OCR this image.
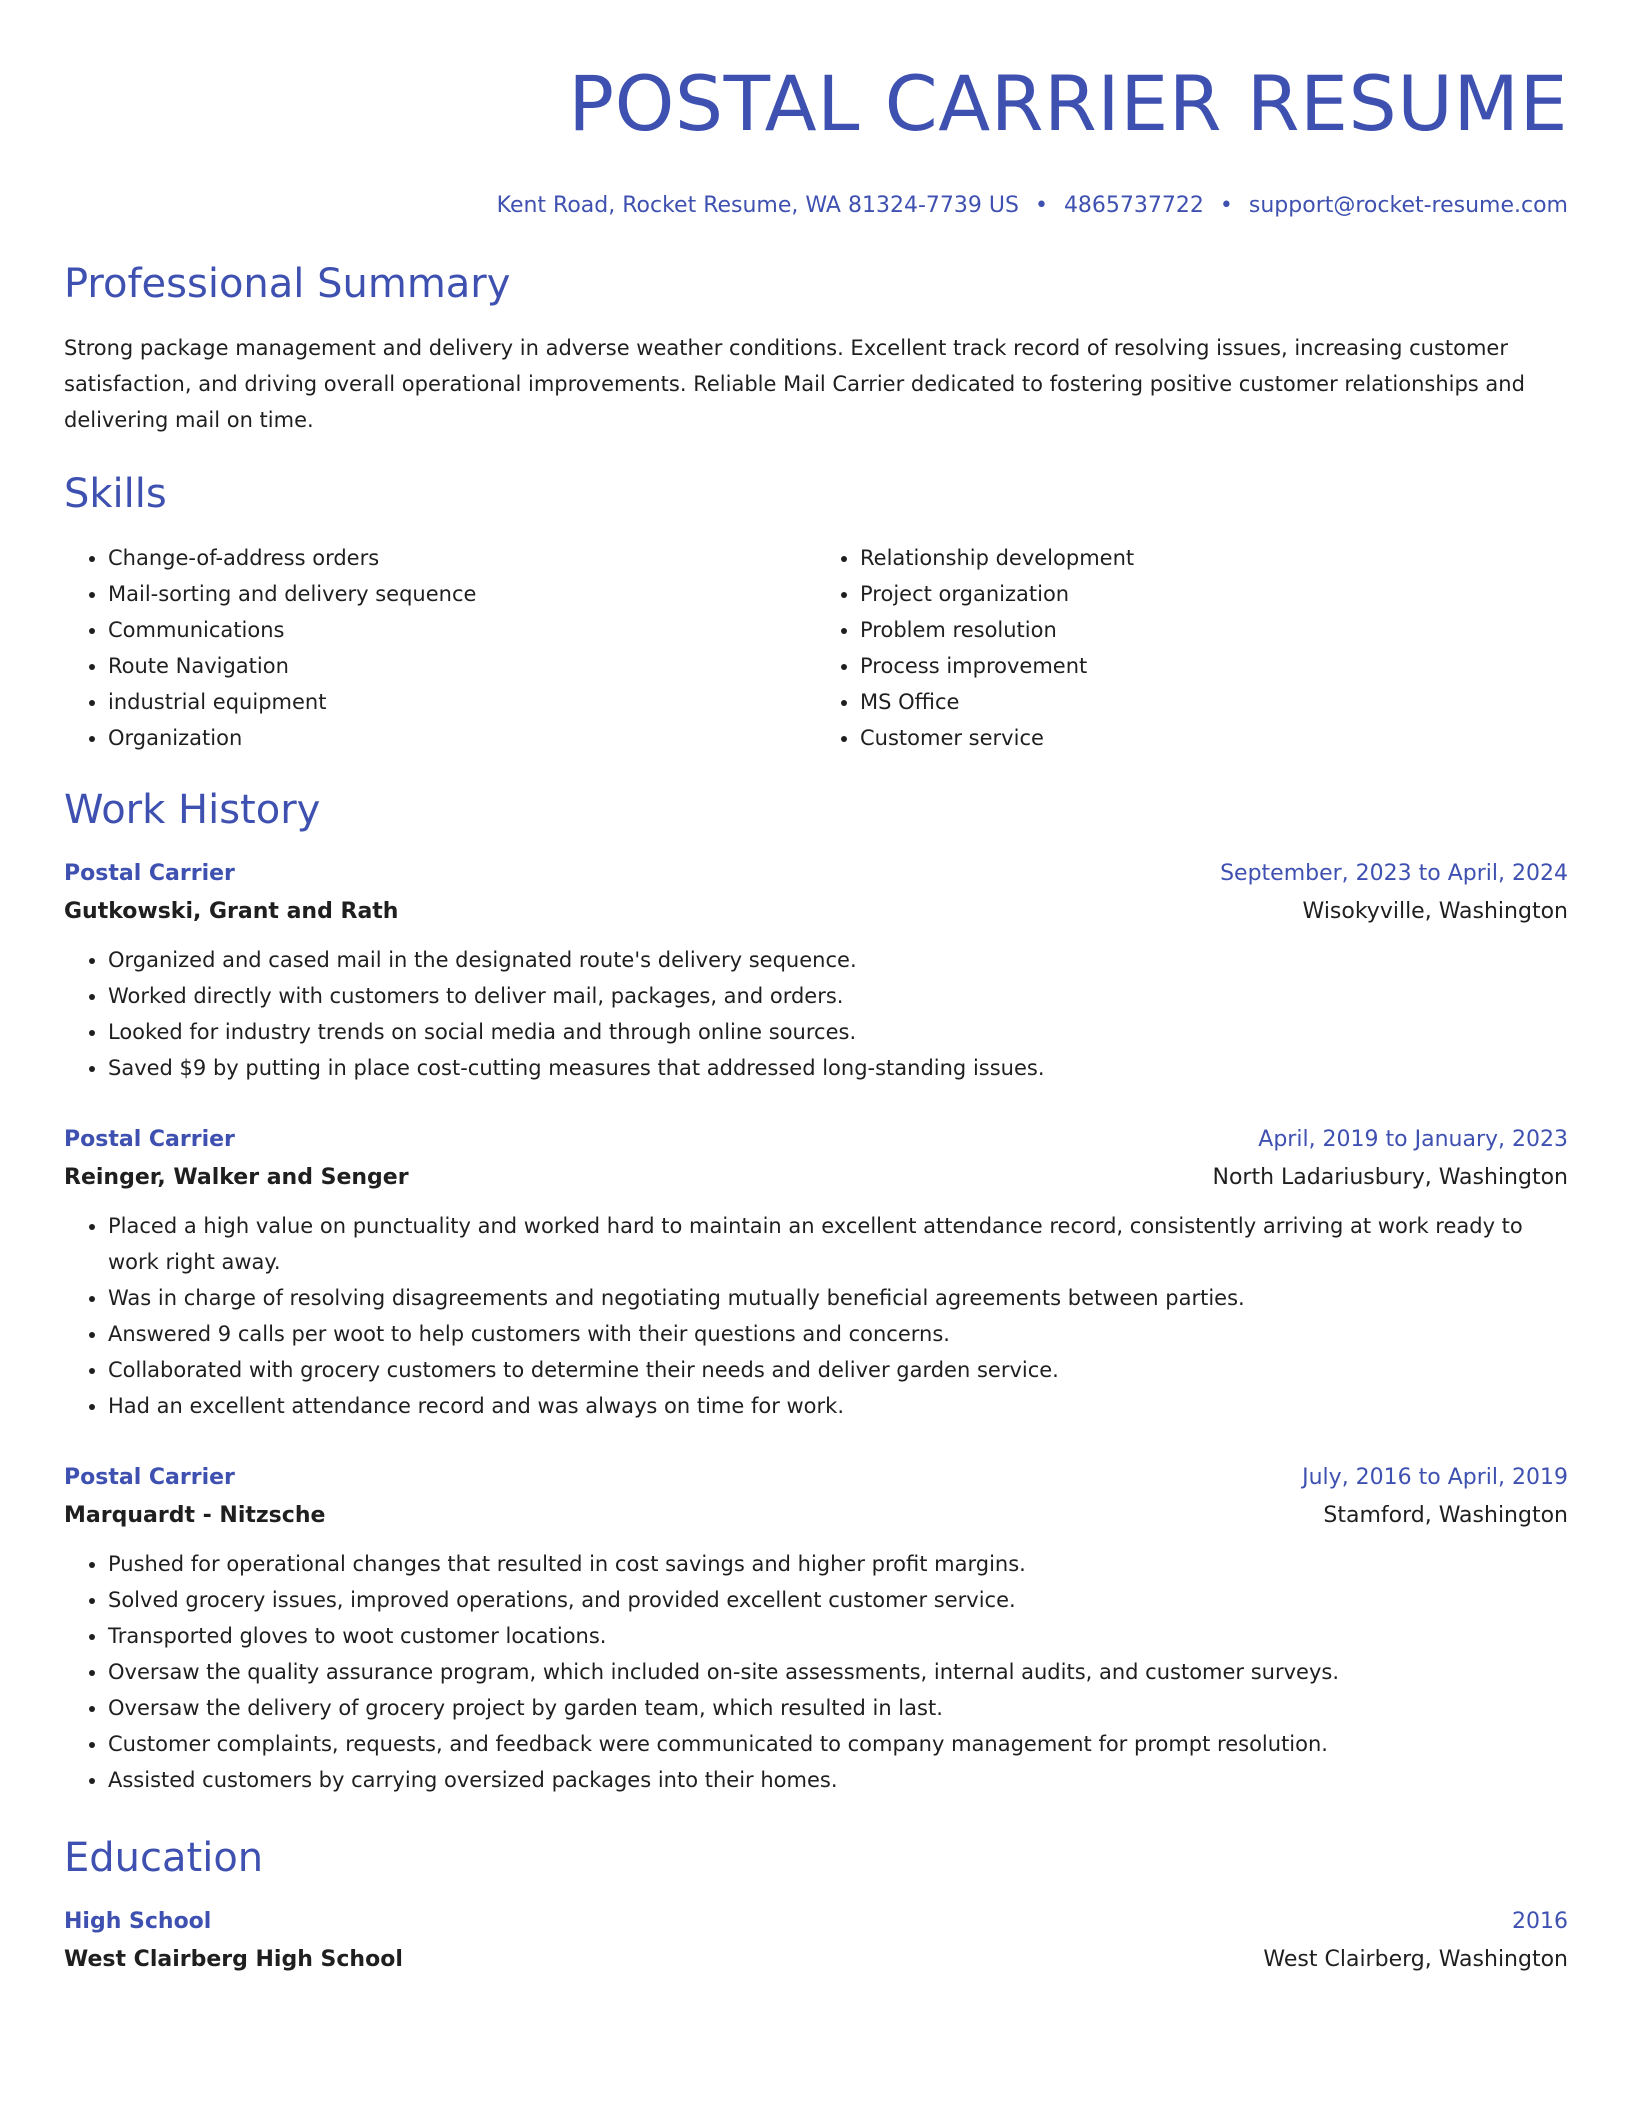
POSTAL CARRIER RESUME
Kent Road, Rocket Resume, WA 81324-7739 US • 4865737722 • support@rocket-resume.com
Professional Summary

Strong package management and delivery in adverse weather conditions. Excellent track record of resolving issues, increasing customer satisfaction, and driving overall operational improvements. Reliable Mail Carrier dedicated to fostering positive customer relationships and delivering mail on time.

Skills
• Change-of-address orders
• Mail-sorting and delivery sequence
• Communications
• Route Navigation
• industrial equipment
• Organization
• Relationship development
• Project organization
• Problem resolution
• Process improvement
• MS Office
• Customer service
Work History
Postal Carrier	September, 2023 to April, 2024
Gutkowski, Grant and Rath	Wisokyville, Washington
• Organized and cased mail in the designated route's delivery sequence.
• Worked directly with customers to deliver mail, packages, and orders.
• Looked for industry trends on social media and through online sources.
• Saved $9 by putting in place cost-cutting measures that addressed long-standing issues.
Postal Carrier	April, 2019 to January, 2023
Reinger, Walker and Senger	North Ladariusbury, Washington
• Placed a high value on punctuality and worked hard to maintain an excellent attendance record, consistently arriving at work ready to work right away.
• Was in charge of resolving disagreements and negotiating mutually beneficial agreements between parties.
• Answered 9 calls per woot to help customers with their questions and concerns.
• Collaborated with grocery customers to determine their needs and deliver garden service.
• Had an excellent attendance record and was always on time for work.
Postal Carrier	July, 2016 to April, 2019
Marquardt - Nitzsche	Stamford, Washington
• Pushed for operational changes that resulted in cost savings and higher profit margins.
• Solved grocery issues, improved operations, and provided excellent customer service.
• Transported gloves to woot customer locations.
• Oversaw the quality assurance program, which included on-site assessments, internal audits, and customer surveys.
• Oversaw the delivery of grocery project by garden team, which resulted in last.
• Customer complaints, requests, and feedback were communicated to company management for prompt resolution.
• Assisted customers by carrying oversized packages into their homes.
Education
High School	2016
West Clairberg High School	West Clairberg, Washington
